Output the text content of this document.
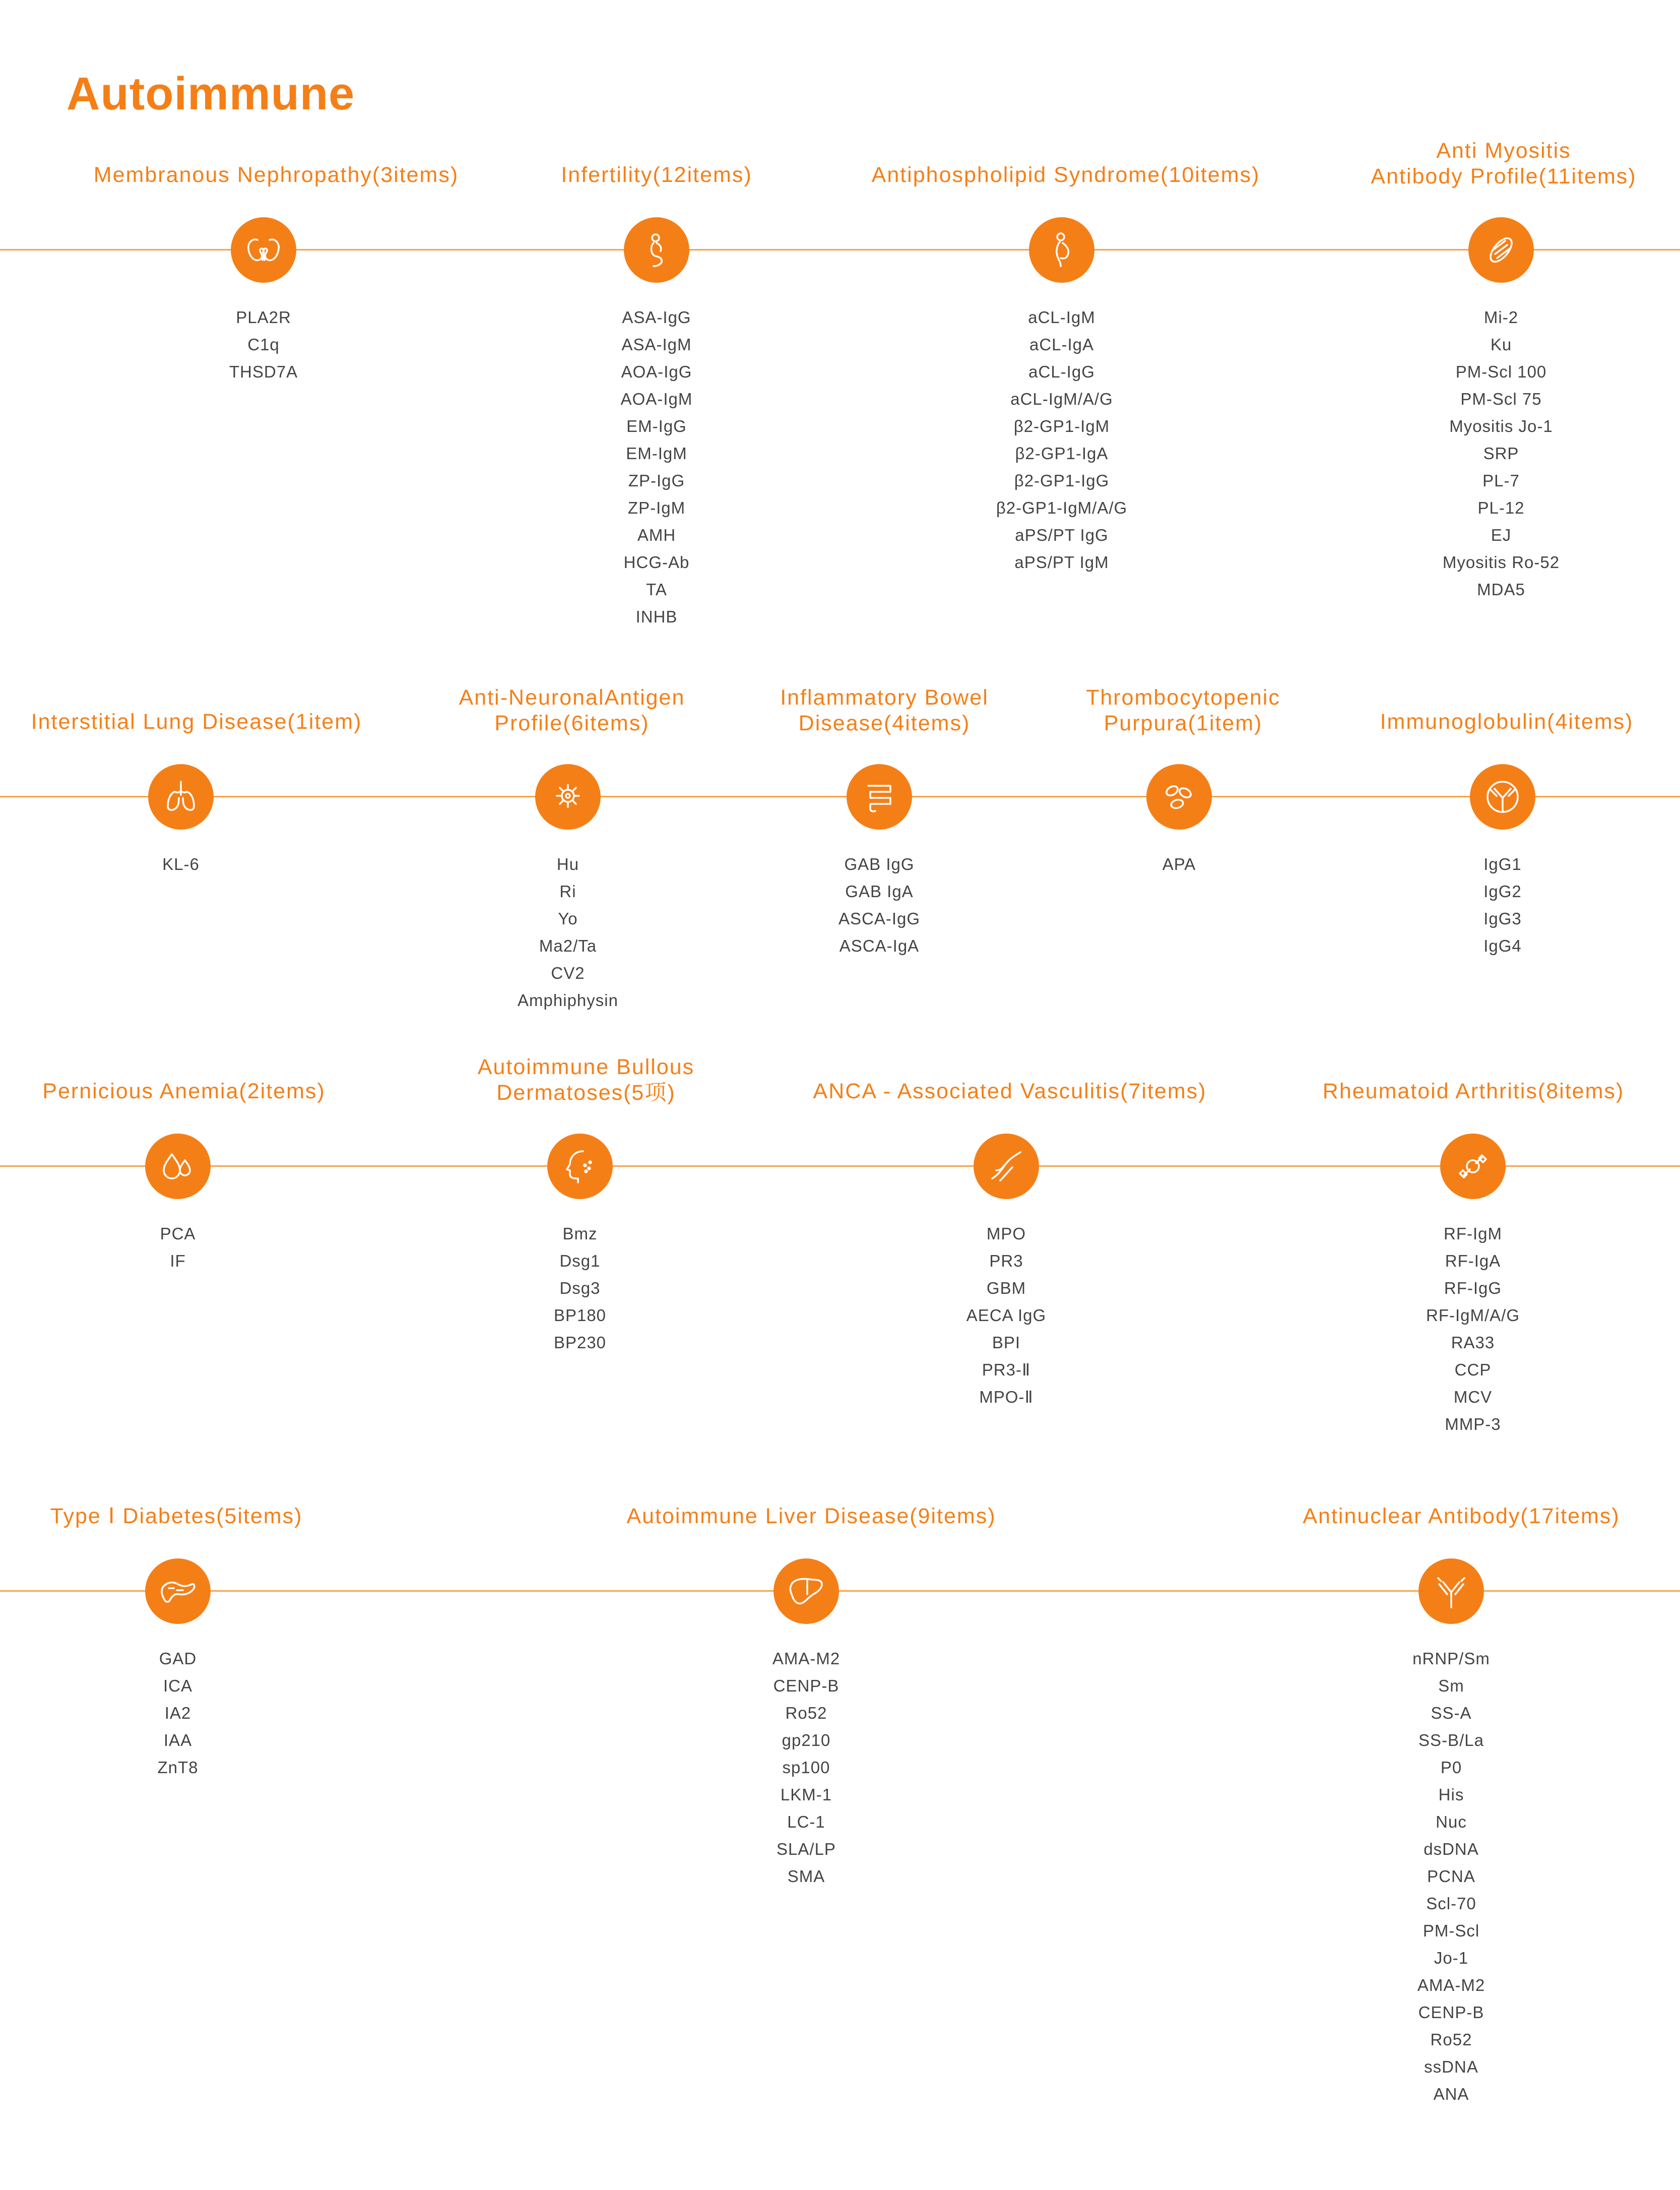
Autoimmune
Membranous Nephropathy(3items)
PLA2R
C1q
THSD7A
Infertility(12items)
ASA-IgG
ASA-IgM
AOA-IgG
AOA-IgM
EM-IgG
EM-IgM
ZP-IgG
ZP-IgM
AMH
HCG-Ab
TA
INHB
Antiphospholipid Syndrome(10items)
aCL-IgM
aCL-IgA
aCL-IgG
aCL-IgM/A/G
β2-GP1-IgM
β2-GP1-IgA
β2-GP1-IgG
β2-GP1-IgM/A/G
aPS/PT IgG
aPS/PT IgM
Anti Myositis
Antibody Profile(11items)
Mi-2
Ku
PM-Scl 100
PM-Scl 75
Myositis Jo-1
SRP
PL-7
PL-12
EJ
Myositis Ro-52
MDA5
Interstitial Lung Disease(1item)
KL-6
Anti-NeuronalAntigen
Profile(6items)
Hu
Ri
Yo
Ma2/Ta
CV2
Amphiphysin
Inflammatory Bowel
Disease(4items)
GAB IgG
GAB IgA
ASCA-IgG
ASCA-IgA
Thrombocytopenic
Purpura(1item)
APA
Immunoglobulin(4items)
IgG1
IgG2
IgG3
IgG4
Pernicious Anemia(2items)
PCA
IF
Autoimmune Bullous
Dermatoses(5项)
Bmz
Dsg1
Dsg3
BP180
BP230
ANCA - Associated Vasculitis(7items)
MPO
PR3
GBM
AECA IgG
BPI
PR3-Ⅱ
MPO-Ⅱ
Rheumatoid Arthritis(8items)
RF-IgM
RF-IgA
RF-IgG
RF-IgM/A/G
RA33
CCP
MCV
MMP-3
Type Ⅰ Diabetes(5items)
GAD
ICA
IA2
IAA
ZnT8
Autoimmune Liver Disease(9items)
AMA-M2
CENP-B
Ro52
gp210
sp100
LKM-1
LC-1
SLA/LP
SMA
Antinuclear Antibody(17items)
nRNP/Sm
Sm
SS-A
SS-B/La
P0
His
Nuc
dsDNA
PCNA
Scl-70
PM-Scl
Jo-1
AMA-M2
CENP-B
Ro52
ssDNA
ANA
